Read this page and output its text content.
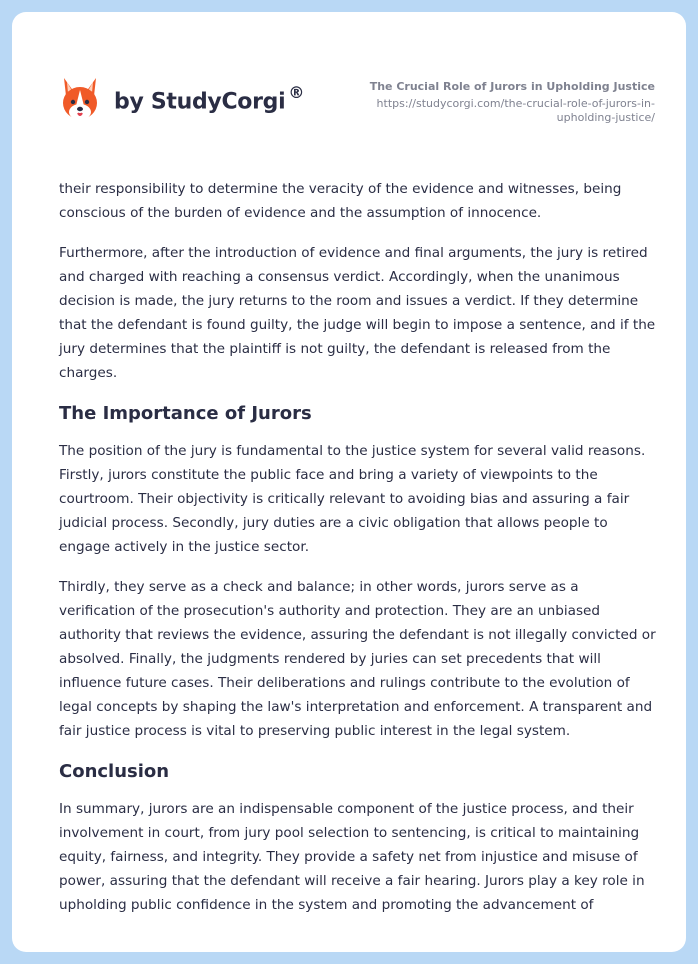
by StudyCorgi ®	The Crucial Role of Jurors in Upholding Justice
https://studycorgi.com/the-crucial-role-of-jurors-in-upholding-justice/

their responsibility to determine the veracity of the evidence and witnesses, being conscious of the burden of evidence and the assumption of innocence.

Furthermore, after the introduction of evidence and final arguments, the jury is retired and charged with reaching a consensus verdict. Accordingly, when the unanimous decision is made, the jury returns to the room and issues a verdict. If they determine that the defendant is found guilty, the judge will begin to impose a sentence, and if the jury determines that the plaintiff is not guilty, the defendant is released from the charges.

The Importance of Jurors

The position of the jury is fundamental to the justice system for several valid reasons. Firstly, jurors constitute the public face and bring a variety of viewpoints to the courtroom. Their objectivity is critically relevant to avoiding bias and assuring a fair judicial process. Secondly, jury duties are a civic obligation that allows people to engage actively in the justice sector.

Thirdly, they serve as a check and balance; in other words, jurors serve as a verification of the prosecution's authority and protection. They are an unbiased authority that reviews the evidence, assuring the defendant is not illegally convicted or absolved. Finally, the judgments rendered by juries can set precedents that will influence future cases. Their deliberations and rulings contribute to the evolution of legal concepts by shaping the law's interpretation and enforcement. A transparent and fair justice process is vital to preserving public interest in the legal system.

Conclusion

In summary, jurors are an indispensable component of the justice process, and their involvement in court, from jury pool selection to sentencing, is critical to maintaining equity, fairness, and integrity. They provide a safety net from injustice and misuse of power, assuring that the defendant will receive a fair hearing. Jurors play a key role in upholding public confidence in the system and promoting the advancement of
